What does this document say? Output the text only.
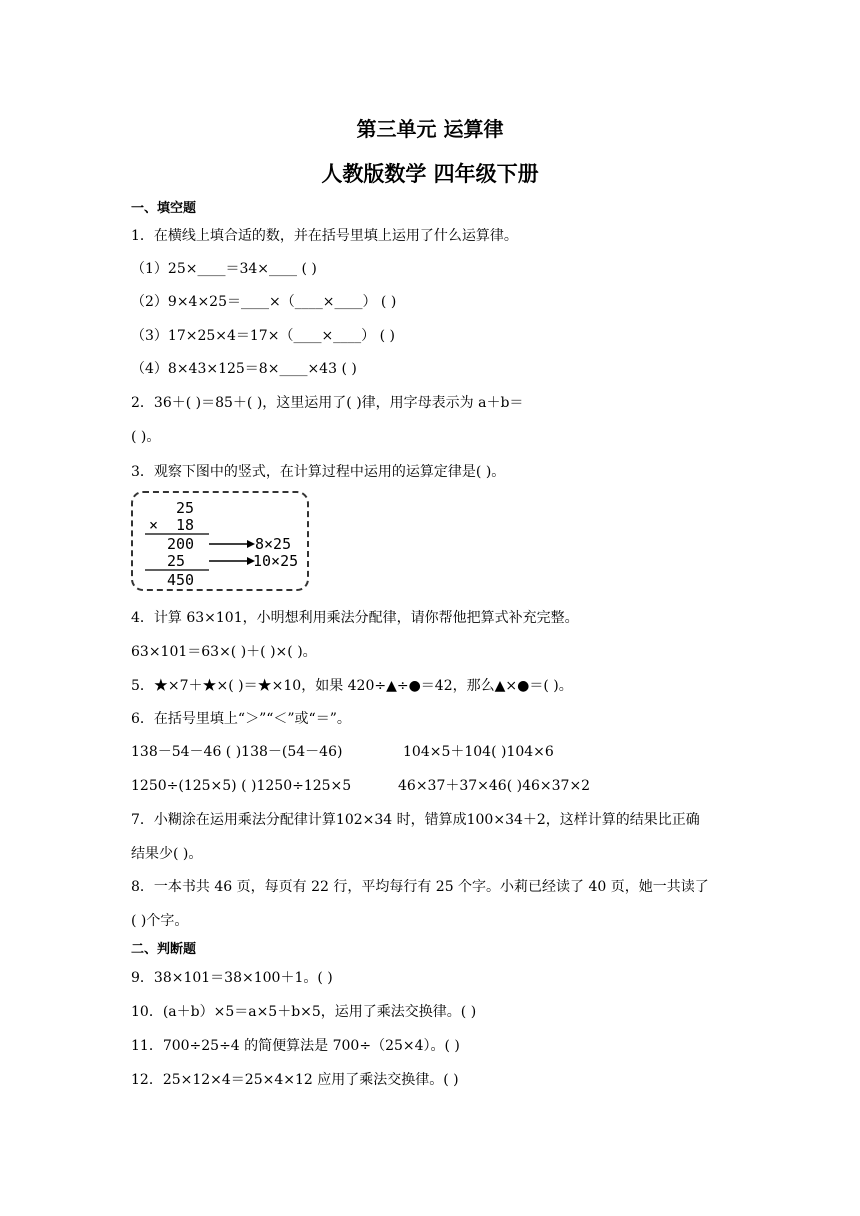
第三单元 运算律
人教版数学 四年级下册
一、填空题
1．在横线上填合适的数，并在括号里填上运用了什么运算律。
（1）25×____＝34×____ ( )
（2）9×4×25＝____×（____×____） ( )
（3）17×25×4＝17×（____×____） ( )
（4）8×43×125＝8×____×43 ( )
2．36＋( )＝85＋( )，这里运用了( )律，用字母表示为 a＋b＝
( )。
3．观察下图中的竖式，在计算过程中运用的运算定律是( )。
25
× 18
200
25
450
8×25
10×25
4．计算 63×101，小明想利用乘法分配律，请你帮他把算式补充完整。
63×101＝63×( )＋( )×( )。
5．★×7＋★×( )＝★×10，如果 420÷▲÷●＝42，那么▲×●＝( )。
6．在括号里填上“＞”“＜”或“＝”。
138－54－46 ( )138－(54－46)	104×5＋104( )104×6
1250÷(125×5) ( )1250÷125×5	46×37＋37×46( )46×37×2
7．小糊涂在运用乘法分配律计算102×34 时，错算成100×34＋2，这样计算的结果比正确
结果少( )。
8．一本书共 46 页，每页有 22 行，平均每行有 25 个字。小莉已经读了 40 页，她一共读了
( )个字。
二、判断题
9．38×101＝38×100＋1。( )
10．(a＋b）×5＝a×5＋b×5，运用了乘法交换律。( )
11．700÷25÷4 的简便算法是 700÷（25×4）。( )
12．25×12×4＝25×4×12 应用了乘法交换律。( )
